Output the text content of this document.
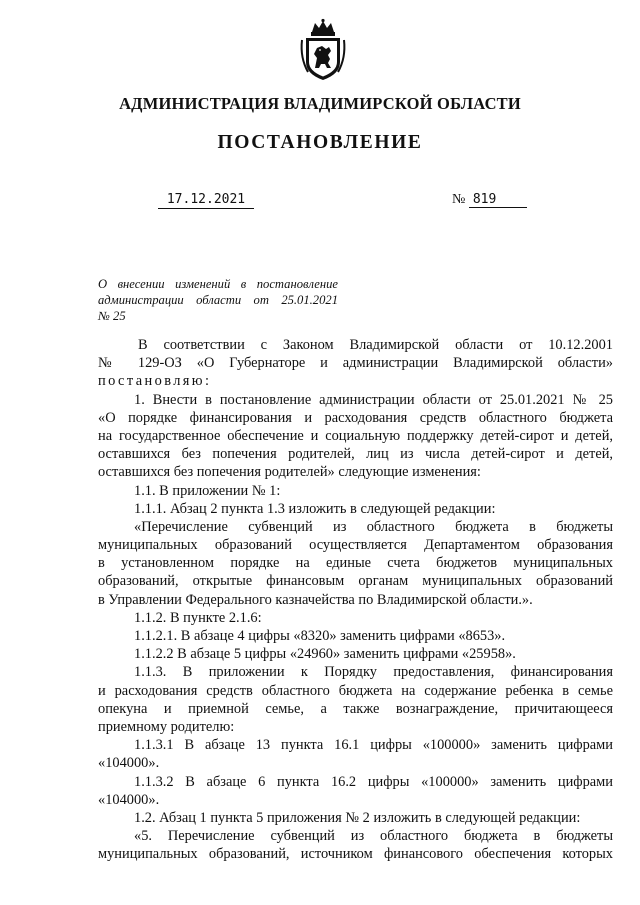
АДМИНИСТРАЦИЯ ВЛАДИМИРСКОЙ ОБЛАСТИ
ПОСТАНОВЛЕНИЕ
17.12.2021	№ 819
О внесении изменений в постановление
администрации области от 25.01.2021
№ 25
В соответствии с Законом Владимирской области от 10.12.2001
№ 129-ОЗ «О Губернаторе и администрации Владимирской области»
постановляю:
1. Внести в постановление администрации области от 25.01.2021 № 25
«О порядке финансирования и расходования средств областного бюджета
на государственное обеспечение и социальную поддержку детей-сирот и детей,
оставшихся без попечения родителей, лиц из числа детей-сирот и детей,
оставшихся без попечения родителей» следующие изменения:
1.1. В приложении № 1:
1.1.1. Абзац 2 пункта 1.3 изложить в следующей редакции:
«Перечисление субвенций из областного бюджета в бюджеты
муниципальных образований осуществляется Департаментом образования
в установленном порядке на единые счета бюджетов муниципальных
образований, открытые финансовым органам муниципальных образований
в Управлении Федерального казначейства по Владимирской области.».
1.1.2. В пункте 2.1.6:
1.1.2.1. В абзаце 4 цифры «8320» заменить цифрами «8653».
1.1.2.2 В абзаце 5 цифры «24960» заменить цифрами «25958».
1.1.3. В приложении к Порядку предоставления, финансирования
и расходования средств областного бюджета на содержание ребенка в семье
опекуна и приемной семье, а также вознаграждение, причитающееся
приемному родителю:
1.1.3.1 В абзаце 13 пункта 16.1 цифры «100000» заменить цифрами
«104000».
1.1.3.2 В абзаце 6 пункта 16.2 цифры «100000» заменить цифрами
«104000».
1.2. Абзац 1 пункта 5 приложения № 2 изложить в следующей редакции:
«5. Перечисление субвенций из областного бюджета в бюджеты
муниципальных образований, источником финансового обеспечения которых
